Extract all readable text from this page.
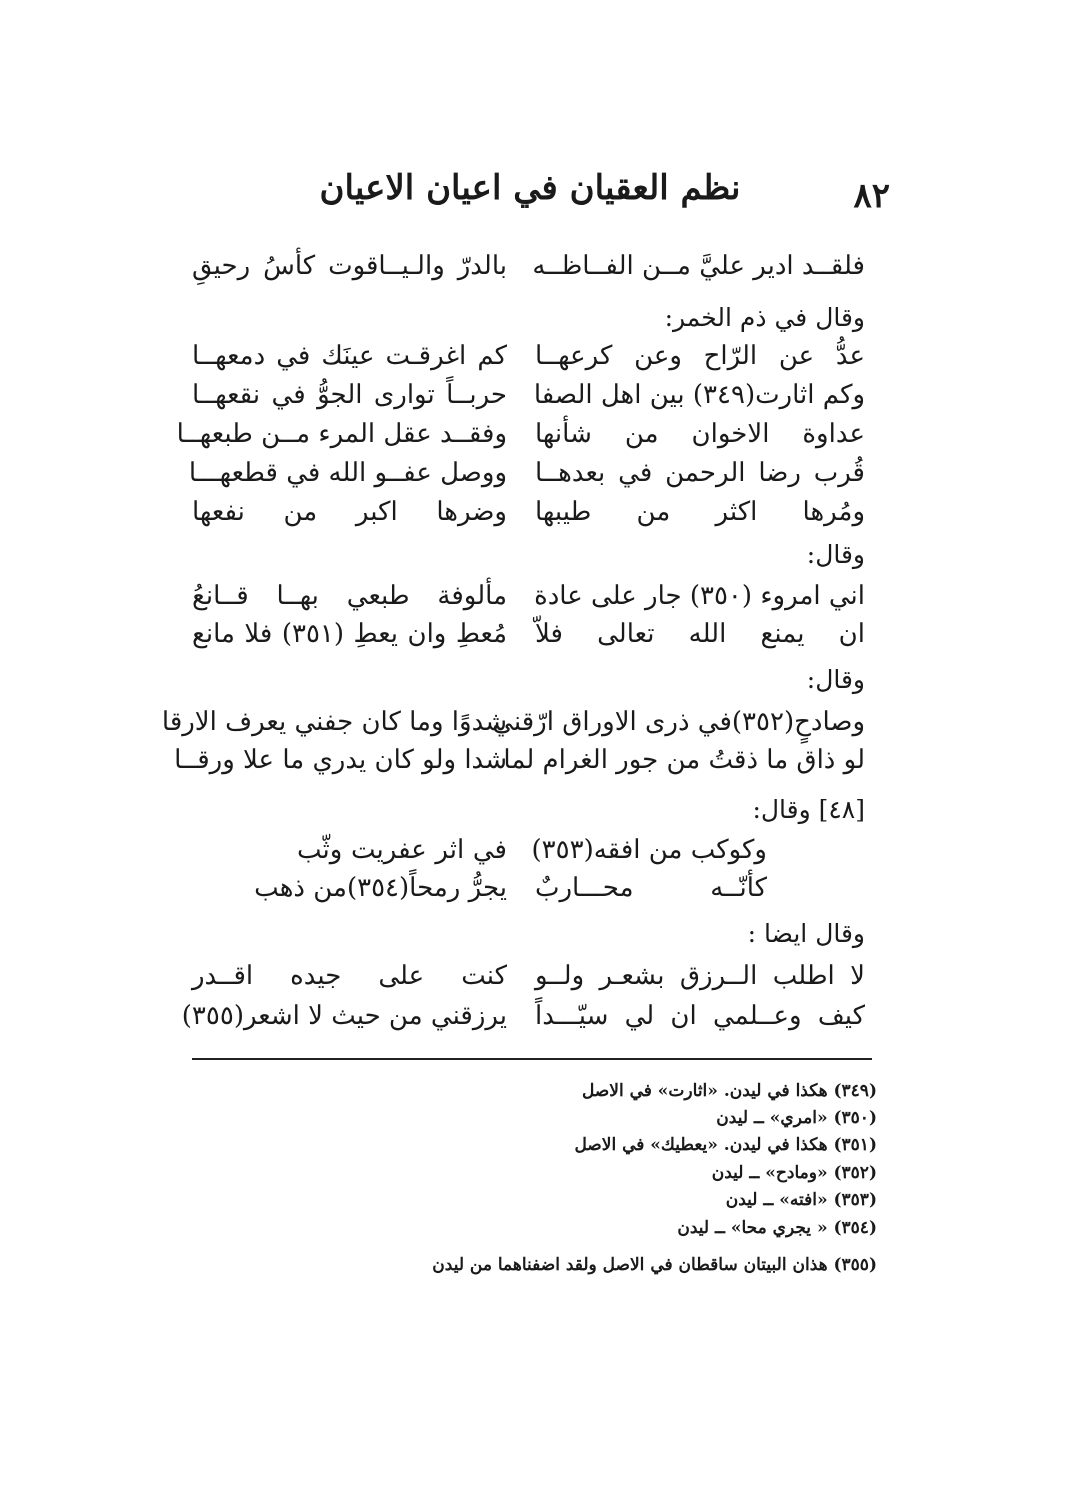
٨٢
نظم العقيان في اعيان الاعيان
فلقــد ادير عليَّ مــن الفــاظــه
بالدرّ والـيــاقوت كأسُ رحيقِ
وقال في ذم الخمر:
عدُّ عن الرّاح وعن كرعهــا
كم اغرقـت عينَك في دمعهــا
وكم اثارت(٣٤٩) بين اهل الصفا
حربــاً توارى الجوُّ في نقعهــا
عداوة الاخوان من شأنها
وفقــد عقل المرء مــن طبعهــا
قُرب رضا الرحمن في بعدهــا
ووصل عفــو الله في قطعهـــا
ومُرها اكثر من طيبها
وضرها اكبر من نفعها
وقال:
اني امروء (٣٥٠) جار على عادة
مألوفة طبعي بهــا قــانعُ
ان يمنع الله تعالى فلاّ
مُعطِ وان يعطِ (٣٥١) فلا مانع
وقال:
وصادحٍ(٣٥٢)في ذرى الاوراق ارّقني
شدوًا وما كان جفني يعرف الارقا
لو ذاق ما ذقتُ من جور الغرام لما
شدا ولو كان يدري ما علا ورقــا
[٤٨] وقال:
وكوكب من افقه(٣٥٣)
في اثر عفريت وثّب
كأنّــه محـــاربٌ
يجرُّ رمحاً(٣٥٤)من ذهب
وقال ايضا :
لا اطلب الــرزق بشعـر ولــو
كنت على جيده اقــدر
كيف وعــلمي ان لي سيّـــداً
يرزقني من حيث لا اشعر(٣٥٥)
(٣٤٩) هكذا في ليدن. «اثارت» في الاصل
(٣٥٠) «امري» ــ ليدن
(٣٥١) هكذا في ليدن. «يعطيك» في الاصل
(٣٥٢) «ومادح» ــ ليدن
(٣٥٣) «افته» ــ ليدن
(٣٥٤) « يجري محا» ــ ليدن
(٣٥٥) هذان البيتان ساقطان في الاصل ولقد اضفناهما من ليدن
